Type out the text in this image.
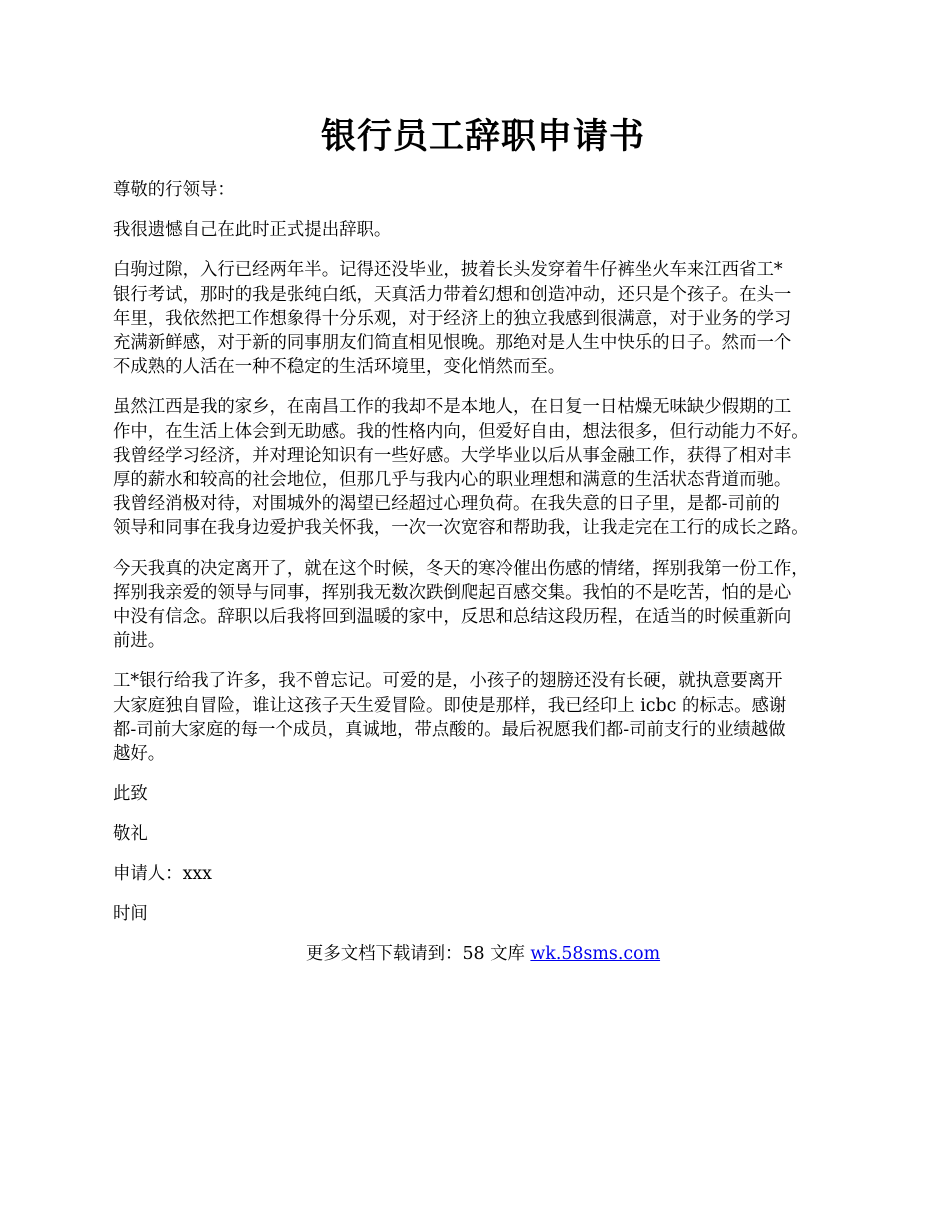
银行员工辞职申请书
尊敬的行领导：
我很遗憾自己在此时正式提出辞职。
白驹过隙，入行已经两年半。记得还没毕业，披着长头发穿着牛仔裤坐火车来江西省工*
银行考试，那时的我是张纯白纸，天真活力带着幻想和创造冲动，还只是个孩子。在头一
年里，我依然把工作想象得十分乐观，对于经济上的独立我感到很满意，对于业务的学习
充满新鲜感，对于新的同事朋友们简直相见恨晚。那绝对是人生中快乐的日子。然而一个
不成熟的人活在一种不稳定的生活环境里，变化悄然而至。
虽然江西是我的家乡，在南昌工作的我却不是本地人，在日复一日枯燥无味缺少假期的工
作中，在生活上体会到无助感。我的性格内向，但爱好自由，想法很多，但行动能力不好。
我曾经学习经济，并对理论知识有一些好感。大学毕业以后从事金融工作，获得了相对丰
厚的薪水和较高的社会地位，但那几乎与我内心的职业理想和满意的生活状态背道而驰。
我曾经消极对待，对围城外的渴望已经超过心理负荷。在我失意的日子里，是都-司前的
领导和同事在我身边爱护我关怀我，一次一次宽容和帮助我，让我走完在工行的成长之路。
今天我真的决定离开了，就在这个时候，冬天的寒冷催出伤感的情绪，挥别我第一份工作，
挥别我亲爱的领导与同事，挥别我无数次跌倒爬起百感交集。我怕的不是吃苦，怕的是心
中没有信念。辞职以后我将回到温暖的家中，反思和总结这段历程，在适当的时候重新向
前进。
工*银行给我了许多，我不曾忘记。可爱的是，小孩子的翅膀还没有长硬，就执意要离开
大家庭独自冒险，谁让这孩子天生爱冒险。即使是那样，我已经印上 icbc 的标志。感谢
都-司前大家庭的每一个成员，真诚地，带点酸的。最后祝愿我们都-司前支行的业绩越做
越好。
此致
敬礼
申请人：xxx
时间
更多文档下载请到：58 文库 wk.58sms.com
